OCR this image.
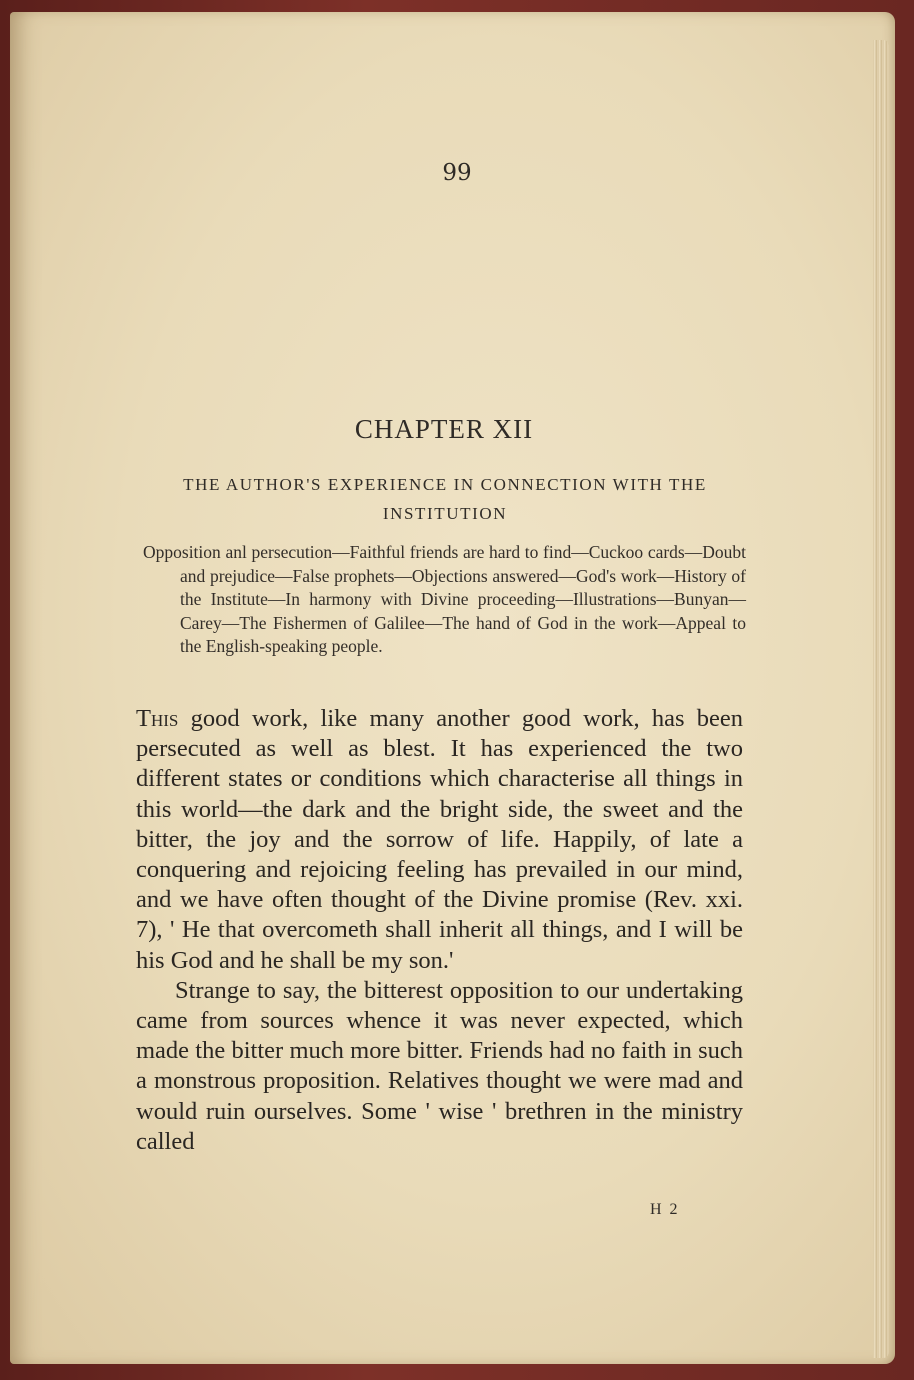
99
CHAPTER XII
THE AUTHOR'S EXPERIENCE IN CONNECTION WITH THE INSTITUTION
Opposition anl persecution—Faithful friends are hard to find—Cuckoo cards—Doubt and prejudice—False prophets—Objections answered—God's work—History of the Institute—In harmony with Divine proceeding—Illustrations—Bunyan—Carey—The Fishermen of Galilee—The hand of God in the work—Appeal to the English-speaking people.

This good work, like many another good work, has been persecuted as well as blest. It has experienced the two different states or conditions which characterise all things in this world—the dark and the bright side, the sweet and the bitter, the joy and the sorrow of life. Happily, of late a conquering and rejoicing feeling has prevailed in our mind, and we have often thought of the Divine promise (Rev. xxi. 7), ' He that overcometh shall inherit all things, and I will be his God and he shall be my son.'

Strange to say, the bitterest opposition to our undertaking came from sources whence it was never expected, which made the bitter much more bitter. Friends had no faith in such a monstrous proposition. Relatives thought we were mad and would ruin ourselves. Some ' wise ' brethren in the ministry called

H 2
